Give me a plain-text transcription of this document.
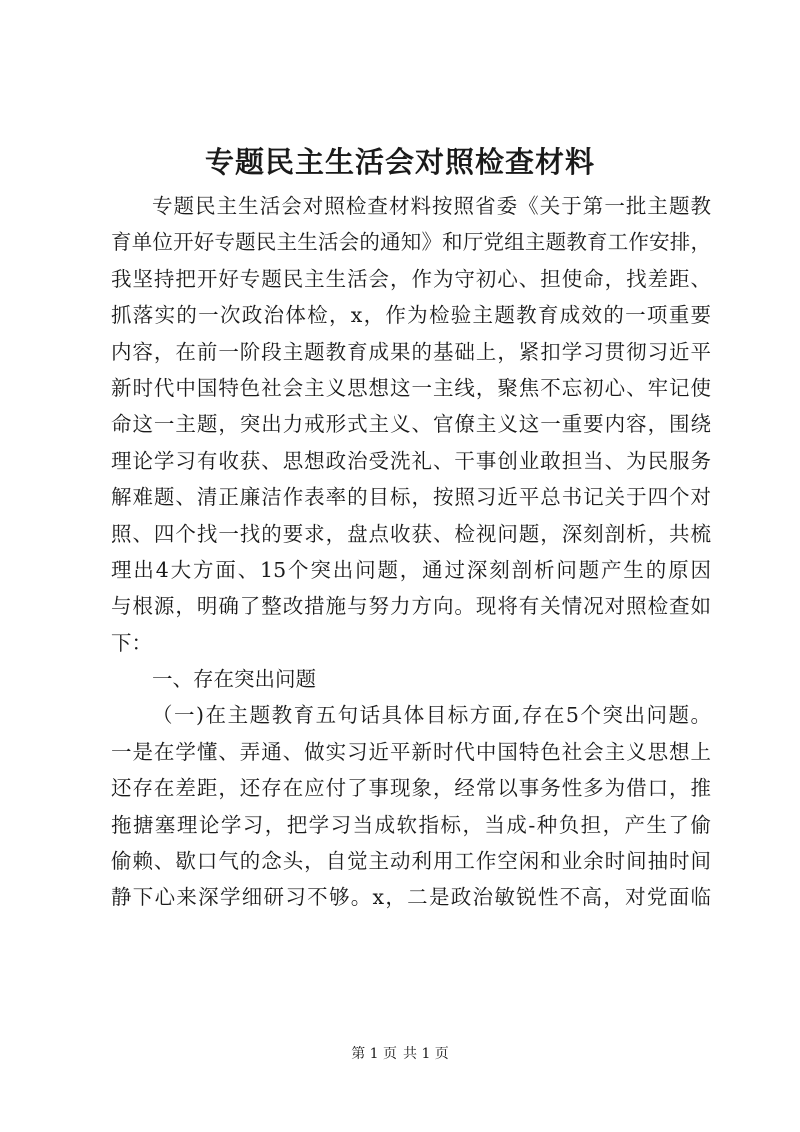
专题民主生活会对照检查材料
专题民主生活会对照检查材料按照省委《关于第一批主题教
育单位开好专题民主生活会的通知》和厅党组主题教育工作安排，
我坚持把开好专题民主生活会，作为守初心、担使命，找差距、
抓落实的一次政治体检，x，作为检验主题教育成效的一项重要
内容，在前一阶段主题教育成果的基础上，紧扣学习贯彻习近平
新时代中国特色社会主义思想这一主线，聚焦不忘初心、牢记使
命这一主题，突出力戒形式主义、官僚主义这一重要内容，围绕
理论学习有收获、思想政治受洗礼、干事创业敢担当、为民服务
解难题、清正廉洁作表率的目标，按照习近平总书记关于四个对
照、四个找一找的要求，盘点收获、检视问题，深刻剖析，共梳
理出4大方面、15个突出问题，通过深刻剖析问题产生的原因
与根源，明确了整改措施与努力方向。现将有关情况对照检查如
下：
一、存在突出问题
（一)在主题教育五句话具体目标方面,存在5个突出问题。
一是在学懂、弄通、做实习近平新时代中国特色社会主义思想上
还存在差距，还存在应付了事现象，经常以事务性多为借口，推
拖搪塞理论学习，把学习当成软指标，当成-种负担，产生了偷
偷赖、歇口气的念头，自觉主动利用工作空闲和业余时间抽时间
静下心来深学细研习不够。x，二是政治敏锐性不高，对党面临
第 1 页 共 1 页
